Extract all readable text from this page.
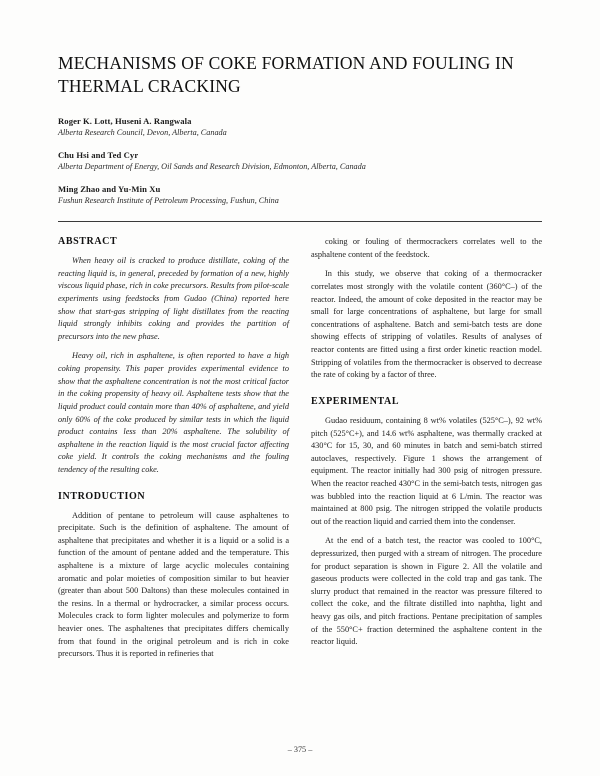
MECHANISMS OF COKE FORMATION AND FOULING IN THERMAL CRACKING

Roger K. Lott, Huseni A. Rangwala

Alberta Research Council, Devon, Alberta, Canada

Chu Hsi and Ted Cyr

Alberta Department of Energy, Oil Sands and Research Division, Edmonton, Alberta, Canada

Ming Zhao and Yu-Min Xu

Fushun Research Institute of Petroleum Processing, Fushun, China

ABSTRACT

When heavy oil is cracked to produce distillate, coking of the reacting liquid is, in general, preceded by formation of a new, highly viscous liquid phase, rich in coke precursors. Results from pilot-scale experiments using feedstocks from Gudao (China) reported here show that start-gas stripping of light distillates from the reacting liquid strongly inhibits coking and provides the partition of precursors into the new phase.

Heavy oil, rich in asphaltene, is often reported to have a high coking propensity. This paper provides experimental evidence to show that the asphaltene concentration is not the most critical factor in the coking propensity of heavy oil. Asphaltene tests show that the liquid product could contain more than 40% of asphaltene, and yield only 60% of the coke produced by similar tests in which the liquid product contains less than 20% asphaltene. The solubility of asphaltene in the reaction liquid is the most crucial factor affecting coke yield. It controls the coking mechanisms and the fouling tendency of the resulting coke.

INTRODUCTION

Addition of pentane to petroleum will cause asphaltenes to precipitate. Such is the definition of asphaltene. The amount of asphaltene that precipitates and whether it is a liquid or a solid is a function of the amount of pentane added and the temperature. This asphaltene is a mixture of large acyclic molecules containing aromatic and polar moieties of composition similar to but heavier (greater than about 500 Daltons) than these molecules contained in the resins. In a thermal or hydrocracker, a similar process occurs. Molecules crack to form lighter molecules and polymerize to form heavier ones. The asphaltenes that precipitates differs chemically from that found in the original petroleum and is rich in coke precursors. Thus it is reported in refineries that

coking or fouling of thermocrackers correlates well to the asphaltene content of the feedstock.

In this study, we observe that coking of a thermocracker correlates most strongly with the volatile content (360°C–) of the reactor. Indeed, the amount of coke deposited in the reactor may be small for large concentrations of asphaltene, but large for small concentrations of asphaltene. Batch and semi-batch tests are done showing effects of stripping of volatiles. Results of analyses of reactor contents are fitted using a first order kinetic reaction model. Stripping of volatiles from the thermocracker is observed to decrease the rate of coking by a factor of three.

EXPERIMENTAL

Gudao residuum, containing 8 wt% volatiles (525°C–), 92 wt% pitch (525°C+), and 14.6 wt% asphaltene, was thermally cracked at 430°C for 15, 30, and 60 minutes in batch and semi-batch stirred autoclaves, respectively. Figure 1 shows the arrangement of equipment. The reactor initially had 300 psig of nitrogen pressure. When the reactor reached 430°C in the semi-batch tests, nitrogen gas was bubbled into the reaction liquid at 6 L/min. The reactor was maintained at 800 psig. The nitrogen stripped the volatile products out of the reaction liquid and carried them into the condenser.

At the end of a batch test, the reactor was cooled to 100°C, depressurized, then purged with a stream of nitrogen. The procedure for product separation is shown in Figure 2. All the volatile and gaseous products were collected in the cold trap and gas tank. The slurry product that remained in the reactor was pressure filtered to collect the coke, and the filtrate distilled into naphtha, light and heavy gas oils, and pitch fractions. Pentane precipitation of samples of the 550°C+ fraction determined the asphaltene content in the reactor liquid.

– 375 –
